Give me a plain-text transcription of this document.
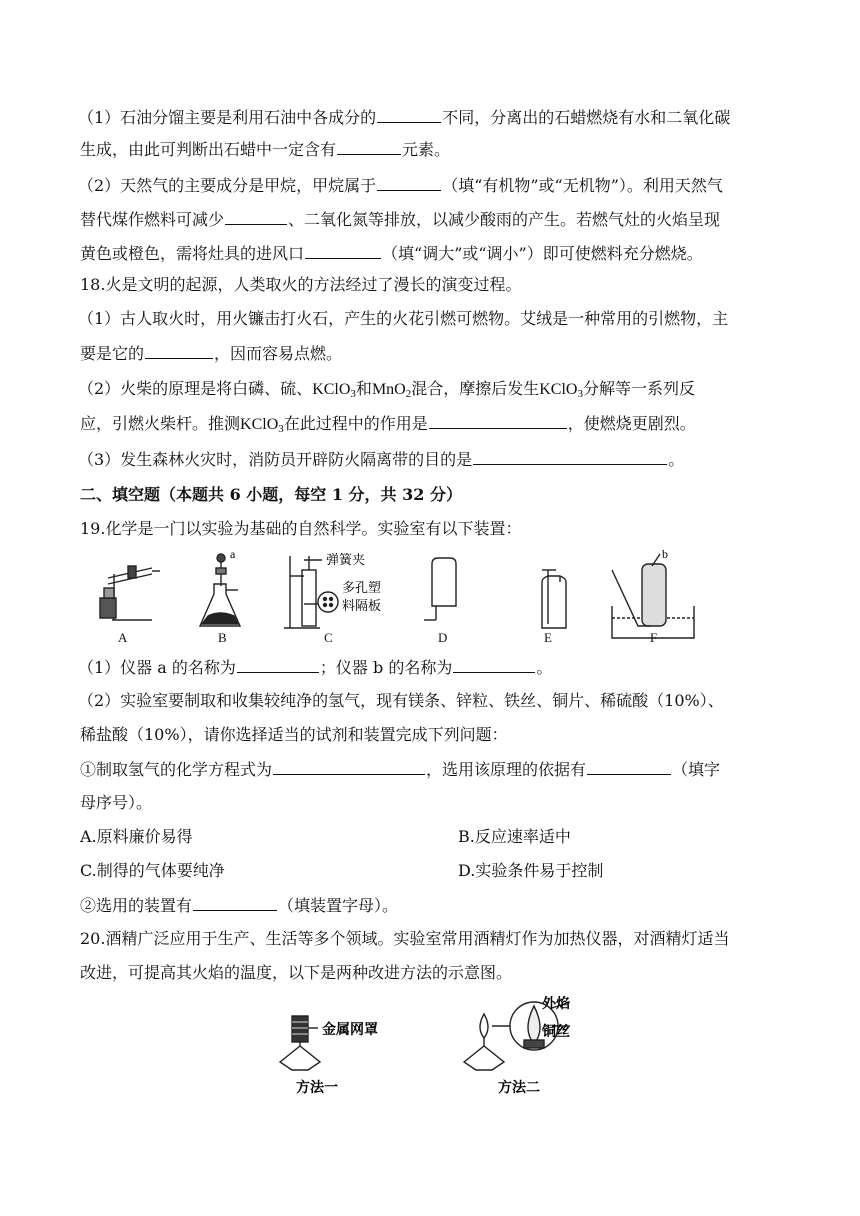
（1）石油分馏主要是利用石油中各成分的	不同，分离出的石蜡燃烧有水和二氧化碳
生成，由此可判断出石蜡中一定含有	元素。
（2）天然气的主要成分是甲烷，甲烷属于	（填“有机物”或“无机物”）。利用天然气
替代煤作燃料可减少	、二氧化氮等排放，以减少酸雨的产生。若燃气灶的火焰呈现
黄色或橙色，需将灶具的进风口	（填“调大”或“调小”）即可使燃料充分燃烧。
18.火是文明的起源，人类取火的方法经过了漫长的演变过程。
（1）古人取火时，用火镰击打火石，产生的火花引燃可燃物。艾绒是一种常用的引燃物，主
要是它的	，因而容易点燃。
（2）火柴的原理是将白磷、硫、KClO$_3$和MnO$_2$混合，摩擦后发生KClO$_3$分解等一系列反
应，引燃火柴杆。推测KClO$_3$在此过程中的作用是	，使燃烧更剧烈。
（3）发生森林火灾时，消防员开辟防火隔离带的目的是	。
二、填空题（本题共 6 小题，每空 1 分，共 32 分）
19.化学是一门以实验为基础的自然科学。实验室有以下装置：
a	b
弹簧夹
多孔塑
料隔板
A	B	C	D	E	F
（1）仪器 a 的名称为	；仪器 b 的名称为	。
（2）实验室要制取和收集较纯净的氢气，现有镁条、锌粒、铁丝、铜片、稀硫酸（10%）、
稀盐酸（10%），请你选择适当的试剂和装置完成下列问题：
①制取氢气的化学方程式为	，选用该原理的依据有	（填字
母序号）。
A.原料廉价易得	B.反应速率适中
C.制得的气体要纯净	D.实验条件易于控制
②选用的装置有	（填装置字母）。
20.酒精广泛应用于生产、生活等多个领域。实验室常用酒精灯作为加热仪器，对酒精灯适当
改进，可提高其火焰的温度，以下是两种改进方法的示意图。
金属网罩
外焰
铜丝
方法一	方法二
